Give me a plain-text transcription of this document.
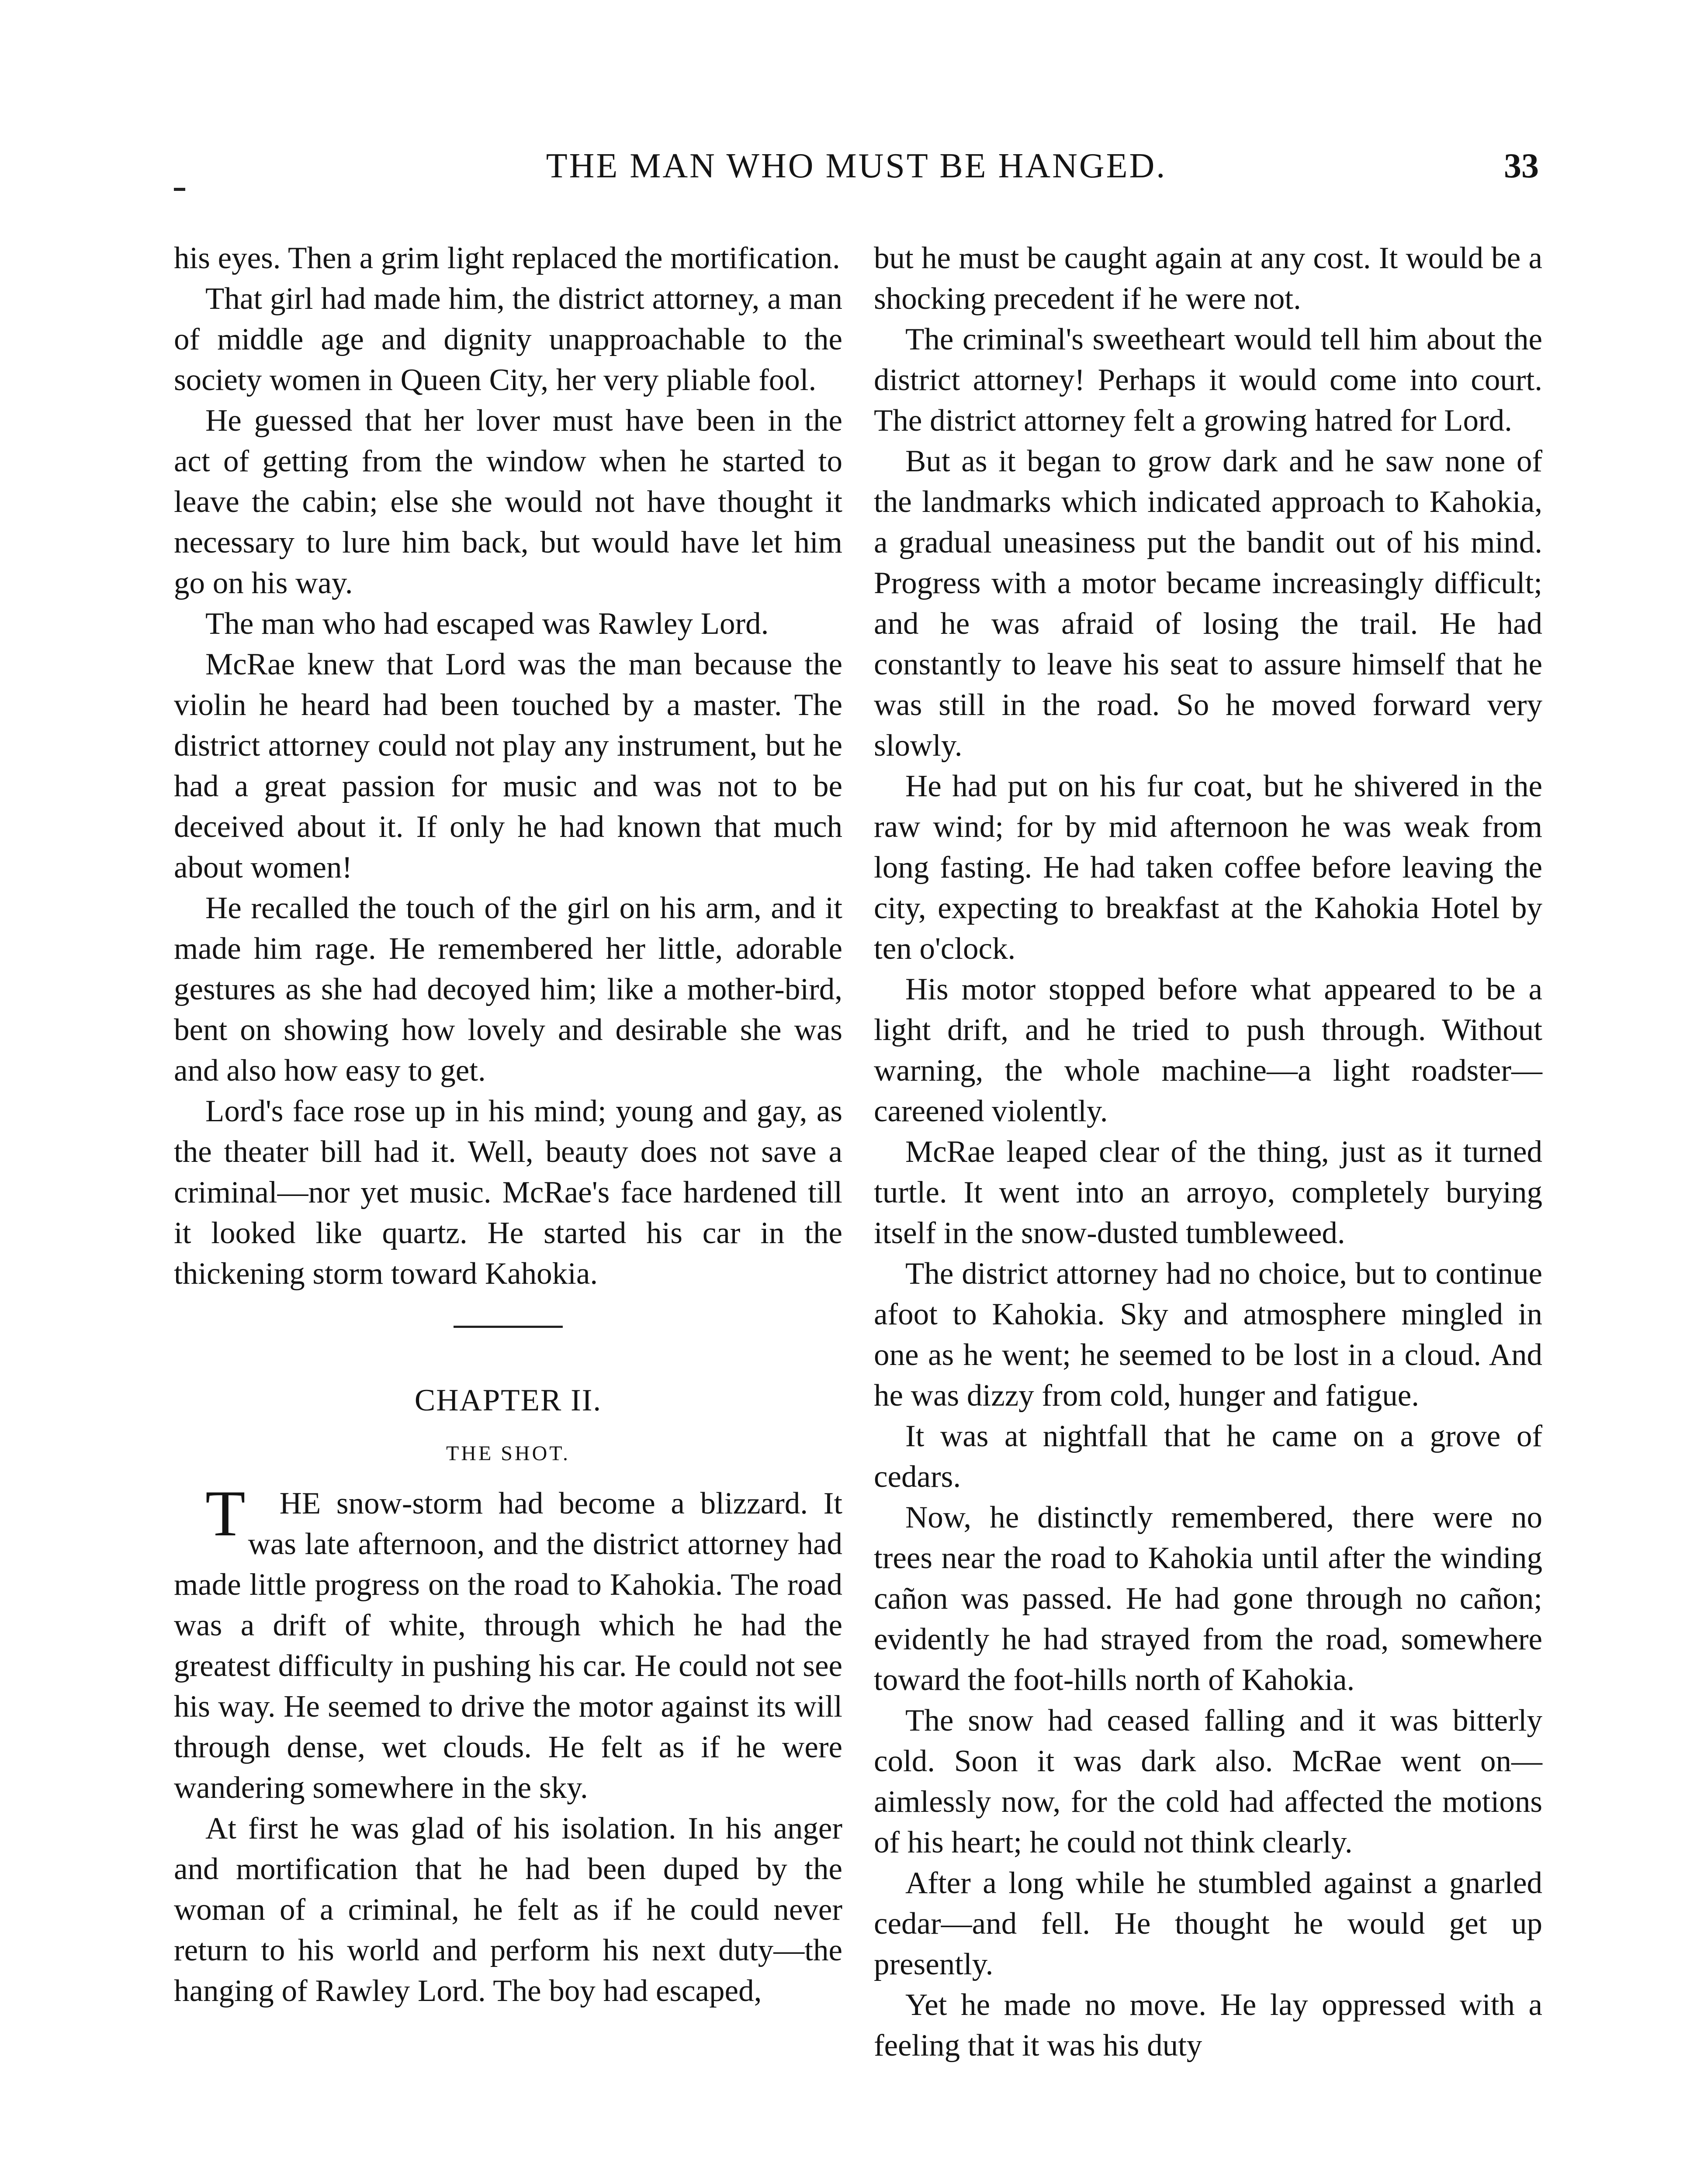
THE MAN WHO MUST BE HANGED.	33

his eyes. Then a grim light replaced the mortification.

That girl had made him, the district attorney, a man of middle age and dignity unapproachable to the society women in Queen City, her very pliable fool.

He guessed that her lover must have been in the act of getting from the window when he started to leave the cabin; else she would not have thought it necessary to lure him back, but would have let him go on his way.

The man who had escaped was Rawley Lord.

McRae knew that Lord was the man because the violin he heard had been touched by a master. The district attorney could not play any instrument, but he had a great passion for music and was not to be deceived about it. If only he had known that much about women!

He recalled the touch of the girl on his arm, and it made him rage. He remembered her little, adorable gestures as she had decoyed him; like a mother-bird, bent on showing how lovely and desirable she was and also how easy to get.

Lord's face rose up in his mind; young and gay, as the theater bill had it. Well, beauty does not save a criminal—nor yet music. McRae's face hardened till it looked like quartz. He started his car in the thickening storm toward Kahokia.

CHAPTER II.
THE SHOT.

T HE snow-storm had become a blizzard. It was late afternoon, and the district attorney had made little progress on the road to Kahokia. The road was a drift of white, through which he had the greatest difficulty in pushing his car. He could not see his way. He seemed to drive the motor against its will through dense, wet clouds. He felt as if he were wandering somewhere in the sky.

At first he was glad of his isolation. In his anger and mortification that he had been duped by the woman of a criminal, he felt as if he could never return to his world and perform his next duty—the hanging of Rawley Lord. The boy had escaped,

but he must be caught again at any cost. It would be a shocking precedent if he were not.

The criminal's sweetheart would tell him about the district attorney! Perhaps it would come into court. The district attorney felt a growing hatred for Lord.

But as it began to grow dark and he saw none of the landmarks which indicated approach to Kahokia, a gradual uneasiness put the bandit out of his mind. Progress with a motor became increasingly difficult; and he was afraid of losing the trail. He had constantly to leave his seat to assure himself that he was still in the road. So he moved forward very slowly.

He had put on his fur coat, but he shivered in the raw wind; for by mid afternoon he was weak from long fasting. He had taken coffee before leaving the city, expecting to breakfast at the Kahokia Hotel by ten o'clock.

His motor stopped before what appeared to be a light drift, and he tried to push through. Without warning, the whole machine—a light roadster—careened violently.

McRae leaped clear of the thing, just as it turned turtle. It went into an arroyo, completely burying itself in the snow-dusted tumbleweed.

The district attorney had no choice, but to continue afoot to Kahokia. Sky and atmosphere mingled in one as he went; he seemed to be lost in a cloud. And he was dizzy from cold, hunger and fatigue.

It was at nightfall that he came on a grove of cedars.

Now, he distinctly remembered, there were no trees near the road to Kahokia until after the winding cañon was passed. He had gone through no cañon; evidently he had strayed from the road, somewhere toward the foot-hills north of Kahokia.

The snow had ceased falling and it was bitterly cold. Soon it was dark also. McRae went on—aimlessly now, for the cold had affected the motions of his heart; he could not think clearly.

After a long while he stumbled against a gnarled cedar—and fell. He thought he would get up presently.

Yet he made no move. He lay oppressed with a feeling that it was his duty
